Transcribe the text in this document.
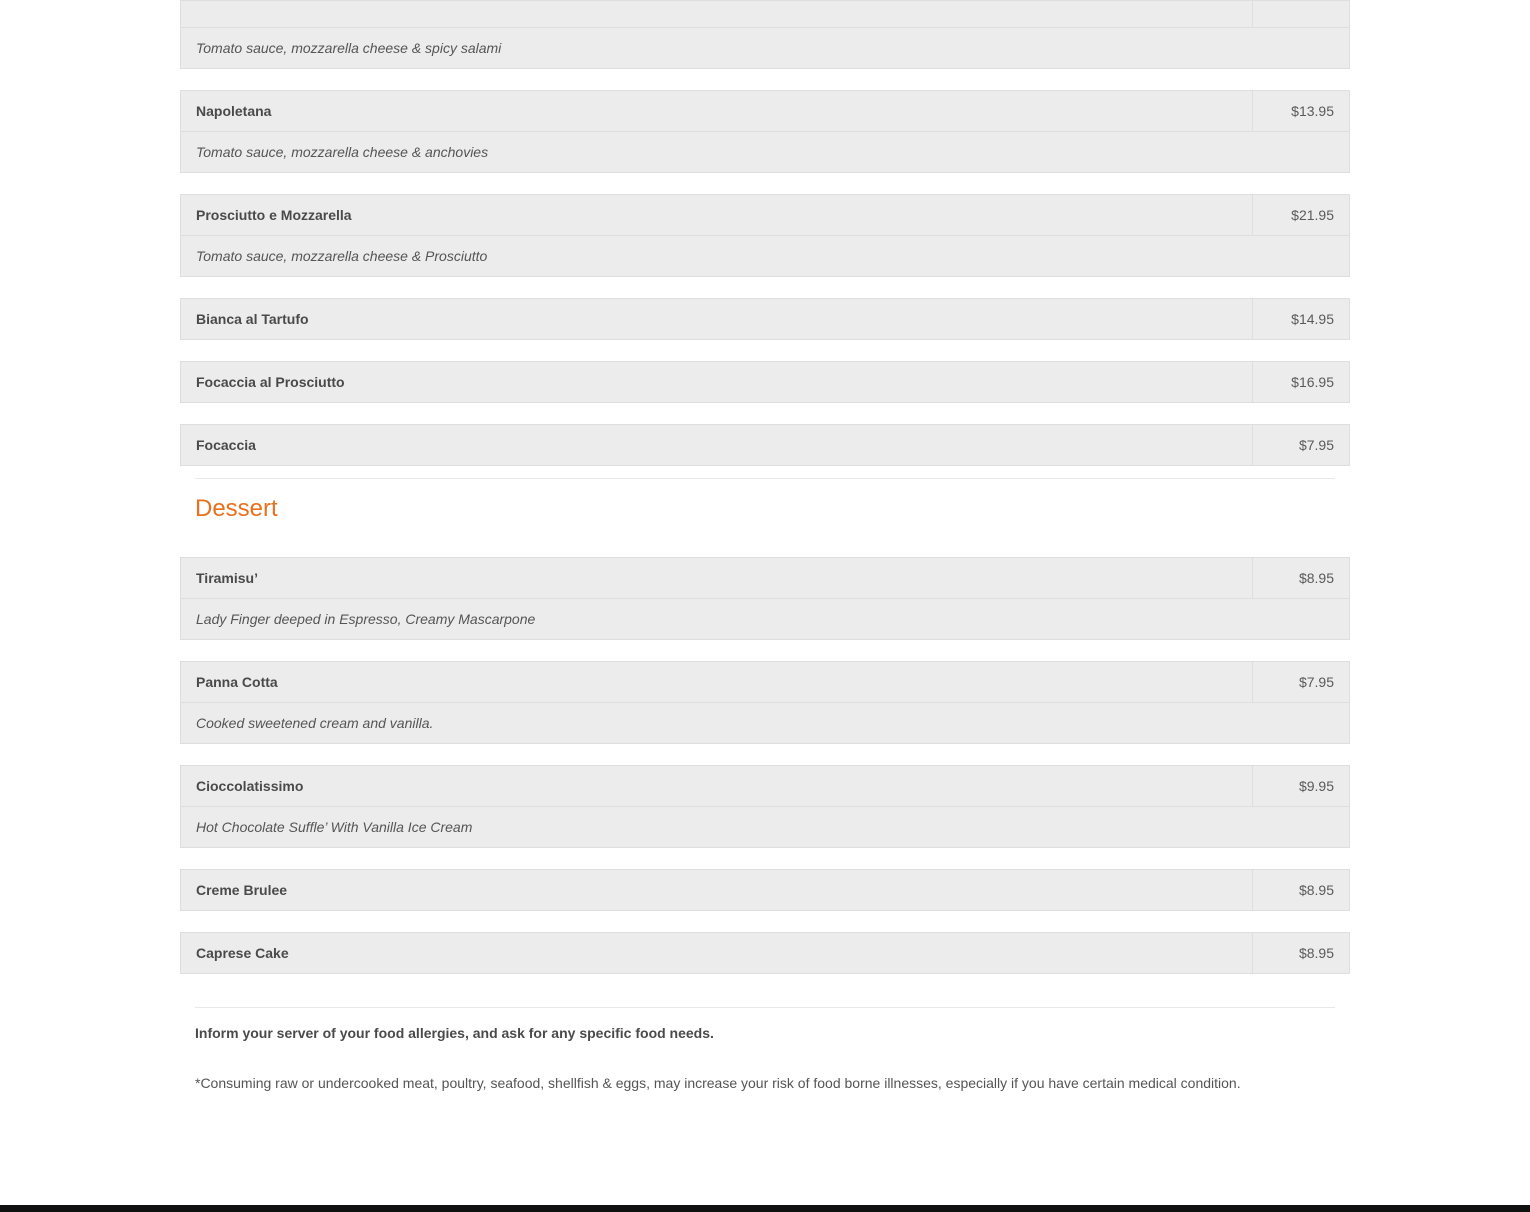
Tomato sauce, mozzarella cheese & spicy salami
Napoletana	$13.95
Tomato sauce, mozzarella cheese & anchovies
Prosciutto e Mozzarella	$21.95
Tomato sauce, mozzarella cheese & Prosciutto
Bianca al Tartufo	$14.95
Focaccia al Prosciutto	$16.95
Focaccia	$7.95
Dessert
Tiramisu’	$8.95
Lady Finger deeped in Espresso, Creamy Mascarpone
Panna Cotta	$7.95
Cooked sweetened cream and vanilla.
Cioccolatissimo	$9.95
Hot Chocolate Suffle’ With Vanilla Ice Cream
Creme Brulee	$8.95
Caprese Cake	$8.95
Inform your server of your food allergies, and ask for any specific food needs.
*Consuming raw or undercooked meat, poultry, seafood, shellfish & eggs, may increase your risk of food borne illnesses, especially if you have certain medical condition.
